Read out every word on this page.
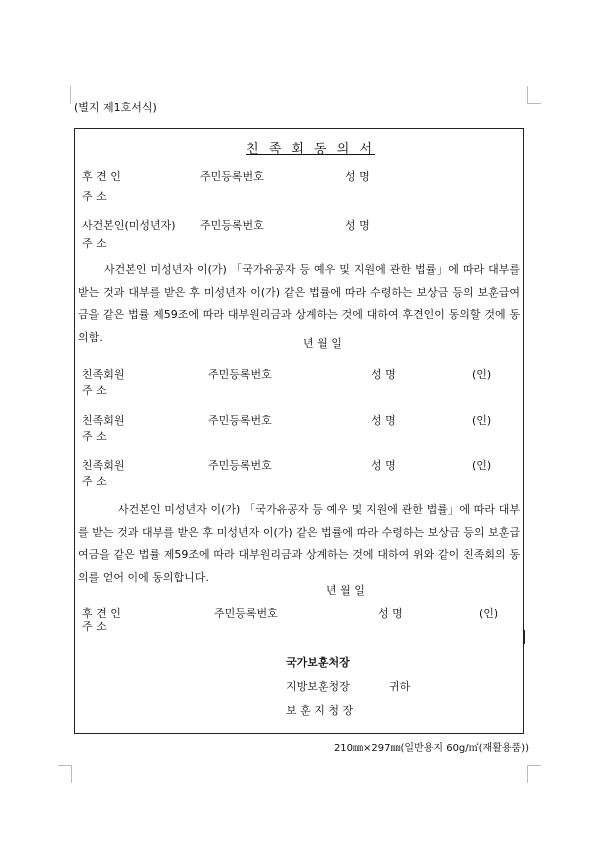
(별지 제1호서식)
친 족 회 동 의 서
후 견 인	주민등록번호	성 명
주 소
사건본인(미성년자) 주민등록번호	성 명
주 소
사건본인 미성년자 이(가) 「국가유공자 등 예우 및 지원에 관한 법률」에 따라 대부를 받는 것과 대부를 받은 후 미성년자 이(가) 같은 법률에 따라 수령하는 보상금 등의 보훈급여금을 같은 법률 제59조에 따라 대부원리금과 상계하는 것에 대하여 후견인이 동의할 것에 동의함.	년 월 일
친족회원	주민등록번호	성 명	(인)
주 소
친족회원	주민등록번호	성 명	(인)
주 소
친족회원	주민등록번호	성 명	(인)
주 소
사건본인 미성년자 이(가) 「국가유공자 등 예우 및 지원에 관한 법률」에 따라 대부를 받는 것과 대부를 받은 후 미성년자 이(가) 같은 법률에 따라 수령하는 보상금 등의 보훈급여금을 같은 법률 제59조에 따라 대부원리금과 상계하는 것에 대하여 위와 같이 친족회의 동의를 얻어 이에 동의합니다.
년 월 일
후 견 인	주민등록번호	성 명	(인)
주 소
국가보훈처장
지방보훈청장	귀하
보 훈 지 청 장
210㎜×297㎜(일반용지 60g/㎡(재활용품))
